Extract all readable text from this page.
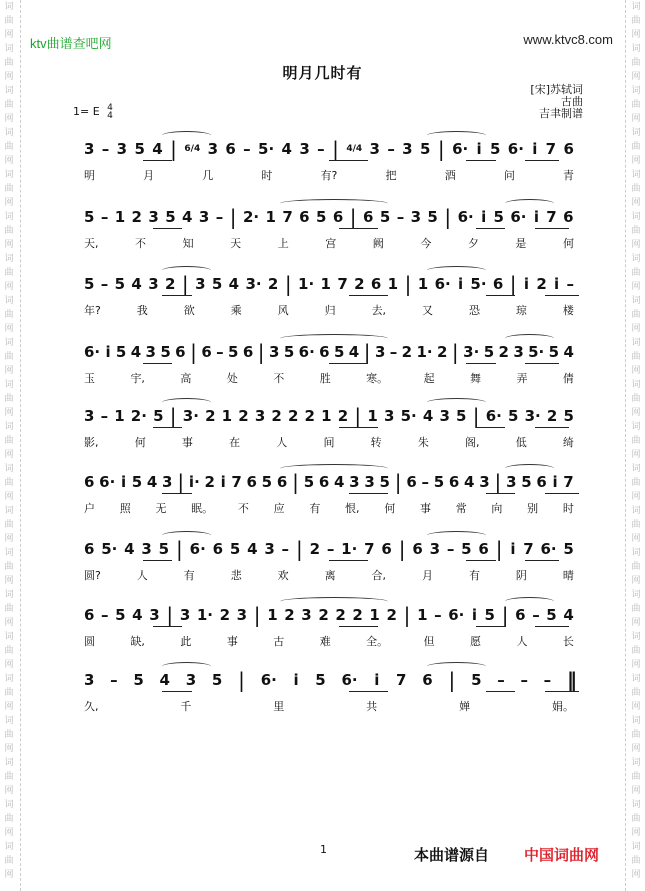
词曲网词曲网词曲网词曲网词曲网词曲网词曲网词曲网词曲网词曲网词曲网词曲网词曲网词曲网词曲网词曲网词曲网词曲网词曲网词曲网词曲网
词曲网词曲网词曲网词曲网词曲网词曲网词曲网词曲网词曲网词曲网词曲网词曲网词曲网词曲网词曲网词曲网词曲网词曲网词曲网词曲网词曲网
ktv曲谱查吧网	www.ktvc8.com
明月几时有
[宋]苏轼词
古曲
吉聿制谱
1= E 4
4
3 – 3 5 4 | 6/4 3 6 – 5· 4 3 – | 4/4 3 – 3 5 | 6· i 5 6· i 7 6
明	月	几	时	有?	把	酒	问	青
5 – 1 2 3 5 4 3 – | 2· 1 7 6 5 6 | 6 5 – 3 5 | 6· i 5 6· i 7 6
天,	不	知	天	上	宫	阙	今	夕	是	何
5 – 5 4 3 2 | 3 5 4 3· 2 | 1· 1 7 2 6 1 | 1 6· i 5· 6 | i 2 i –
年?	我	欲	乘	风	归	去,	又	恐	琼	楼
6· i 5 4 3 5 6 | 6 – 5 6 | 3 5 6· 6 5 4 | 3 – 2 1· 2 | 3· 5 2 3 5· 5 4
玉	宇,	高	处	不	胜	寒。	起	舞	弄	倩
3 – 1 2· 5 | 3· 2 1 2 3 2 2 2 1 2 | 1 3 5· 4 3 5 | 6· 5 3· 2 5
影,	何	事	在	人	间	转	朱	阁,	低	绮
6 6· i 5 4 3 | i· 2 i 7 6 5 6 | 5 6 4 3 3 5 | 6 – 5 6 4 3 | 3 5 6 i 7
户 照 无 眠。 不 应 有 恨, 何 事 常 向 别 时
6 5· 4 3 5 | 6· 6 5 4 3 – | 2 – 1· 7 6 | 6 3 – 5 6 | i 7 6· 5
圆?	人	有	悲	欢	离	合,	月	有	阴	晴
6 – 5 4 3 | 3 1· 2 3 | 1 2 3 2 2 2 1 2 | 1 – 6· i 5 | 6 – 5 4
圆	缺,	此	事	古	难	全。	但	愿	人	长
3 – 5 4 3 5 | 6· i 5 6· i 7 6 | 5 – – – ‖
久,	千	里	共	婵	娟。
1	本曲谱源自 中国词曲网
